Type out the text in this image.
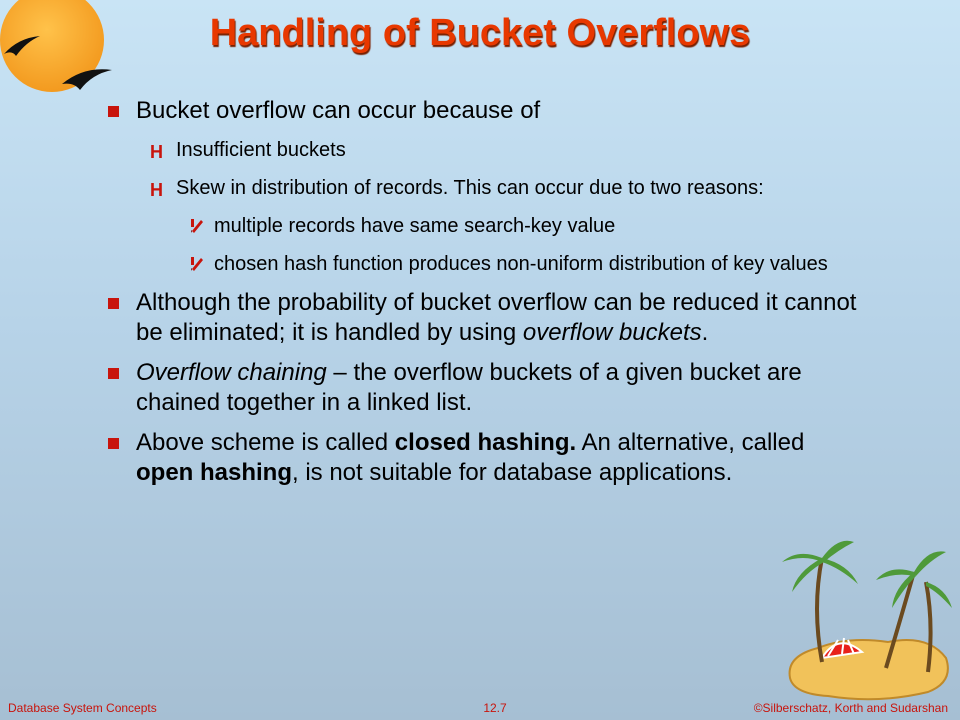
Handling of Bucket Overflows
Bucket overflow can occur because of
H Insufficient buckets
H Skew in distribution of records. This can occur due to two reasons:
multiple records have same search-key value
chosen hash function produces non-uniform distribution of key values
Although the probability of bucket overflow can be reduced it cannot be eliminated; it is handled by using overflow buckets.
Overflow chaining – the overflow buckets of a given bucket are chained together in a linked list.
Above scheme is called closed hashing. An alternative, called open hashing, is not suitable for database applications.
Database System Concepts	12.7	©Silberschatz, Korth and Sudarshan
